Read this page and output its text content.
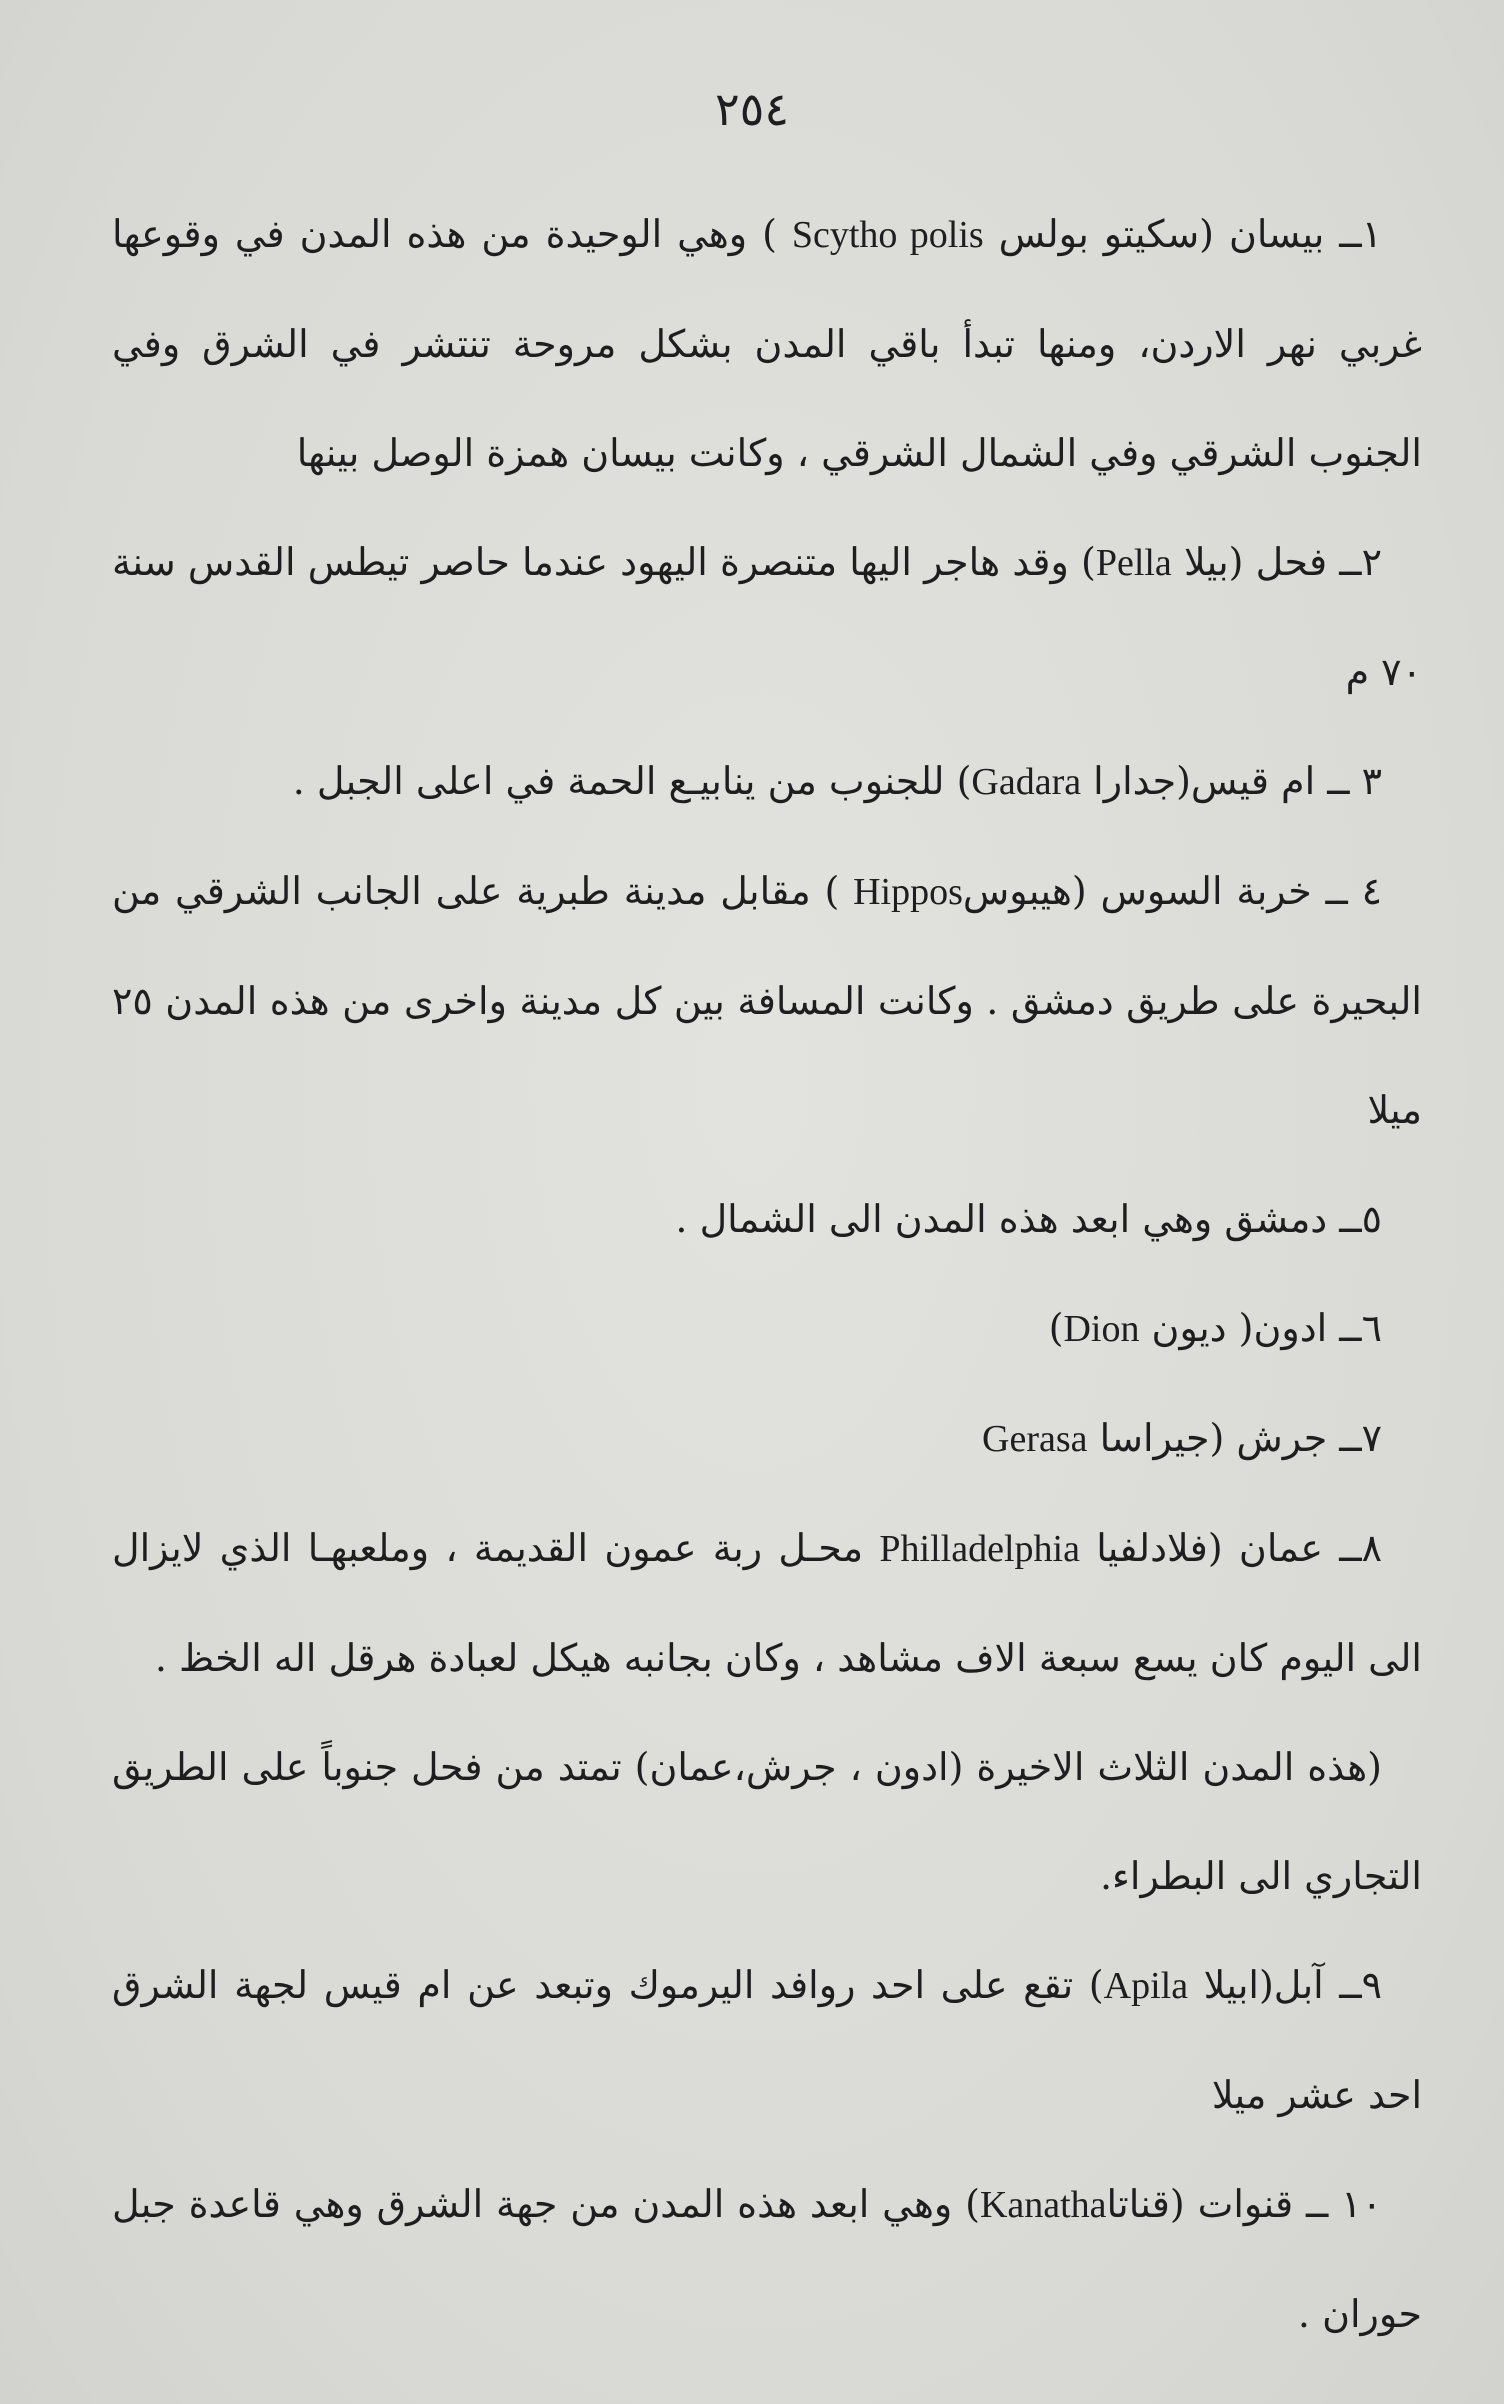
٢٥٤

١ــ بيسان (سكيتو بولس Scytho polis ) وهي الوحيدة من هذه المدن في وقوعها غربي نهر الاردن، ومنها تبدأ باقي المدن بشكل مروحة تنتشر في الشرق وفي الجنوب الشرقي وفي الشمال الشرقي ، وكانت بيسان همزة الوصل بينها

٢ــ فحل (بيلا Pella) وقد هاجر اليها متنصرة اليهود عندما حاصر تيطس القدس سنة ٧٠ م

٣ ــ ام قيس(جدارا Gadara) للجنوب من ينابيـع الحمة في اعلى الجبل .

٤ ــ خربة السوس (هيبوسHippos ) مقابل مدينة طبرية على الجانب الشرقي من البحيرة على طريق دمشق . وكانت المسافة بين كل مدينة واخرى من هذه المدن ٢٥ ميلا

٥ــ دمشق وهي ابعد هذه المدن الى الشمال .

٦ــ ادون( ديون Dion)

٧ــ جرش (جيراسا Gerasa

٨ــ عمان (فلادلفيا Philladelphia محـل ربة عمون القديمة ، وملعبهـا الذي لايزال الى اليوم كان يسع سبعة الاف مشاهد ، وكان بجانبه هيكل لعبادة هرقل اله الخظ .

(هذه المدن الثلاث الاخيرة (ادون ، جرش،عمان) تمتد من فحل جنوباً على الطريق التجاري الى البطراء.

٩ــ آبل(ابيلا Apila) تقع على احد روافد اليرموك وتبعد عن ام قيس لجهة الشرق احد عشر ميلا

١٠ ــ قنوات (قناتاKanatha) وهي ابعد هذه المدن من جهة الشرق وهي قاعدة جبل حوران .
